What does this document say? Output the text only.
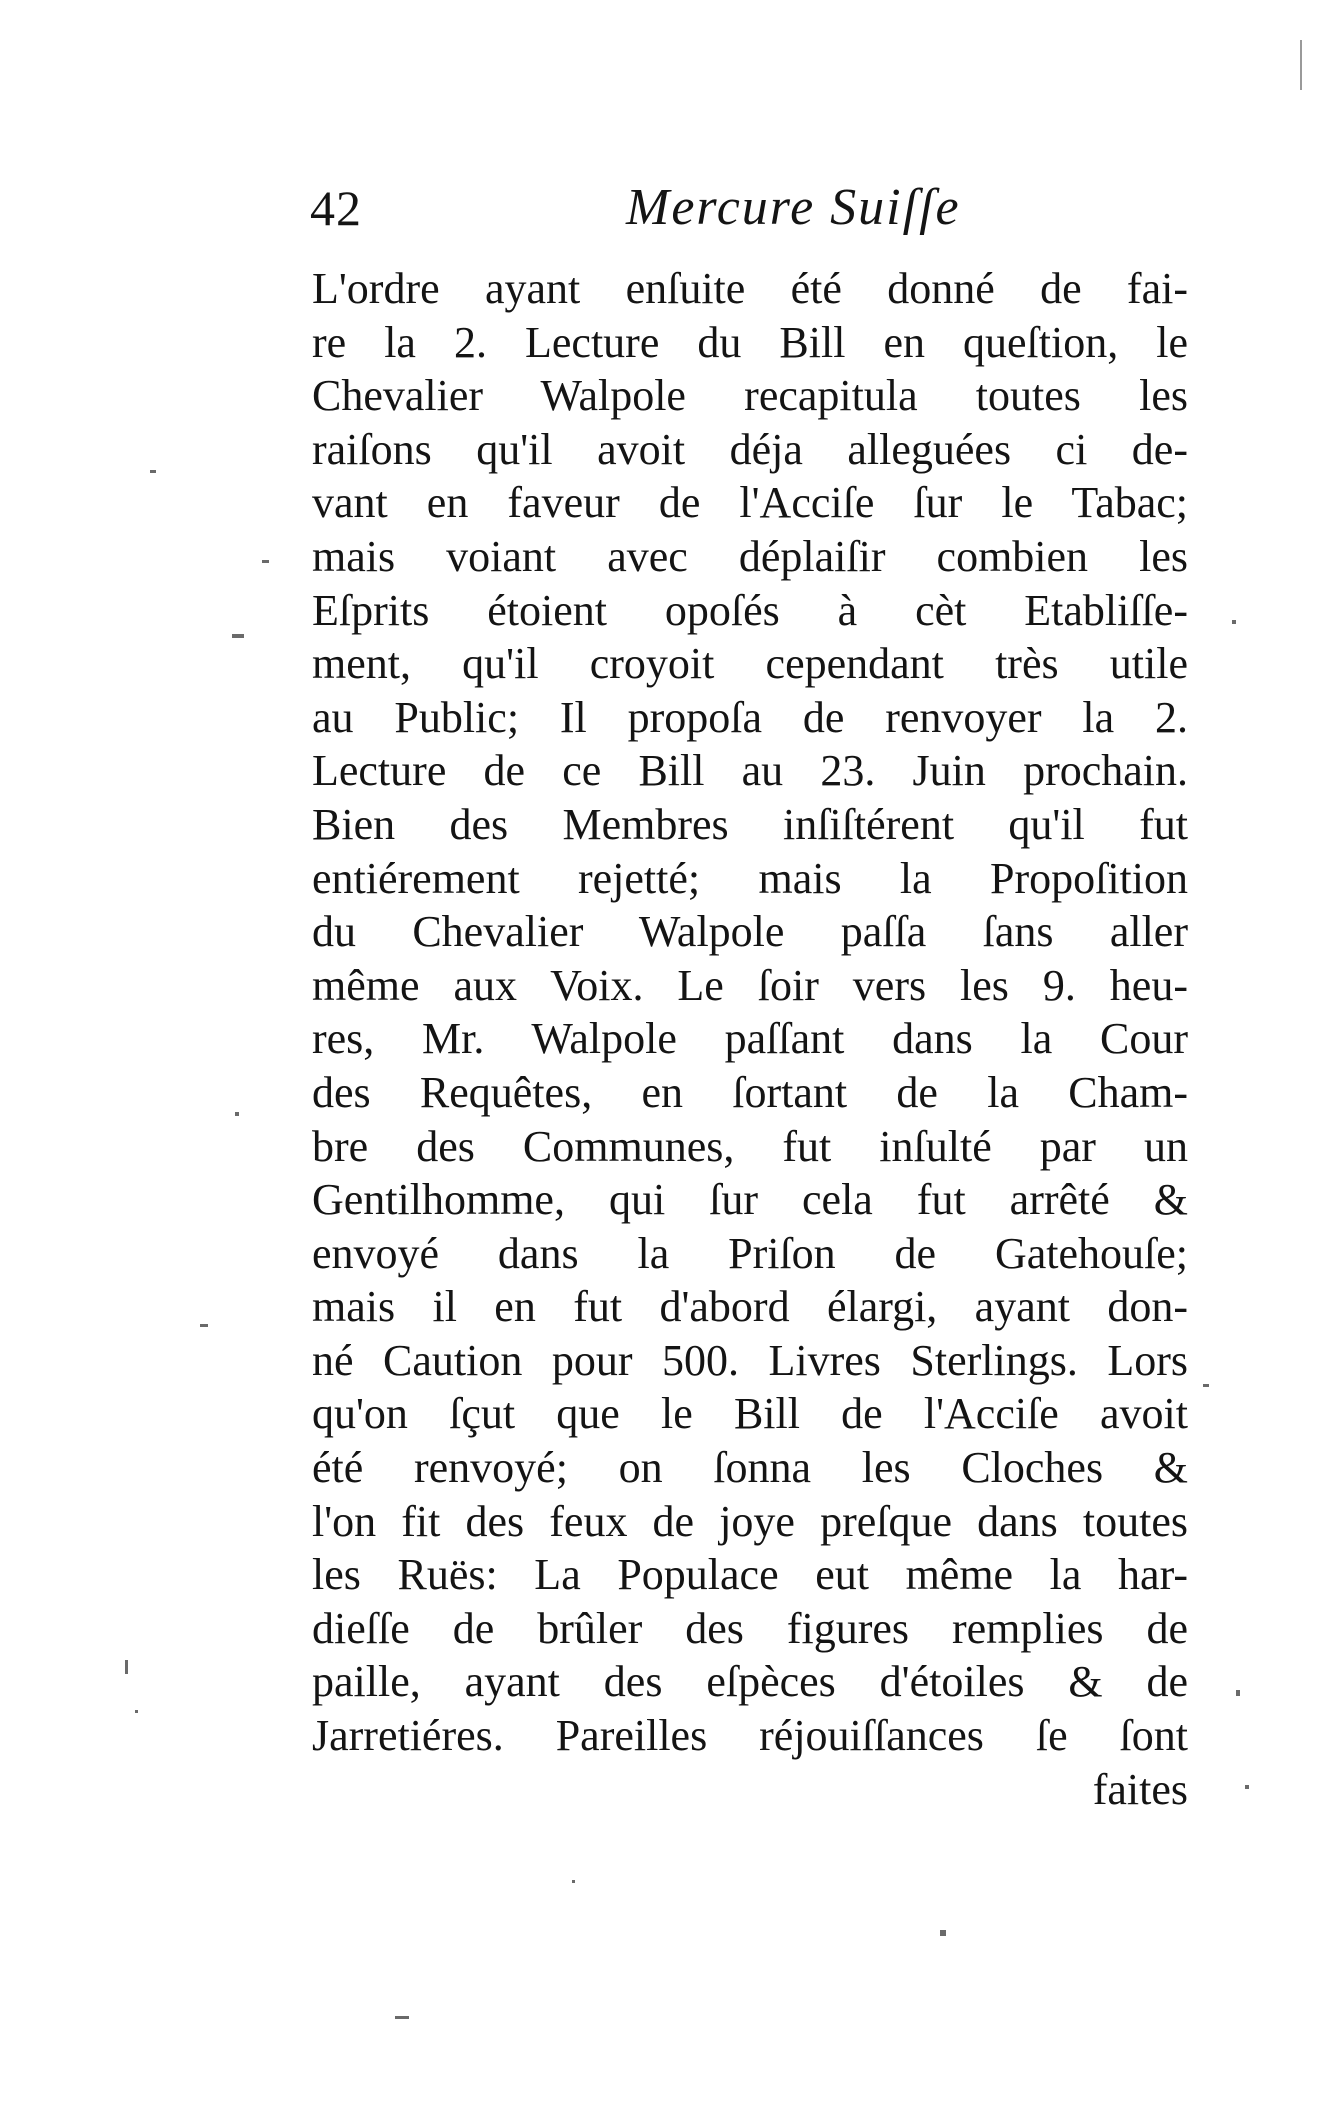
42	Mercure Suiſſe
L'ordre ayant enſuite été donné de fai-
re la 2. Lecture du Bill en queſtion, le
Chevalier Walpole recapitula toutes les
raiſons qu'il avoit déja alleguées ci de-
vant en faveur de l'Acciſe ſur le Tabac;
mais voiant avec déplaiſir combien les
Eſprits étoient opoſés à cèt Etabliſſe-
ment, qu'il croyoit cependant très utile
au Public; Il propoſa de renvoyer la 2.
Lecture de ce Bill au 23. Juin prochain.
Bien des Membres inſiſtérent qu'il fut
entiérement rejetté; mais la Propoſition
du Chevalier Walpole paſſa ſans aller
même aux Voix. Le ſoir vers les 9. heu-
res, Mr. Walpole paſſant dans la Cour
des Requêtes, en ſortant de la Cham-
bre des Communes, fut inſulté par un
Gentilhomme, qui ſur cela fut arrêté &
envoyé dans la Priſon de Gatehouſe;
mais il en fut d'abord élargi, ayant don-
né Caution pour 500. Livres Sterlings. Lors
qu'on ſçut que le Bill de l'Acciſe avoit
été renvoyé; on ſonna les Cloches &
l'on fit des feux de joye preſque dans toutes
les Ruës: La Populace eut même la har-
dieſſe de brûler des figures remplies de
paille, ayant des eſpèces d'étoiles & de
Jarretiéres. Pareilles réjouiſſances ſe ſont
faites
